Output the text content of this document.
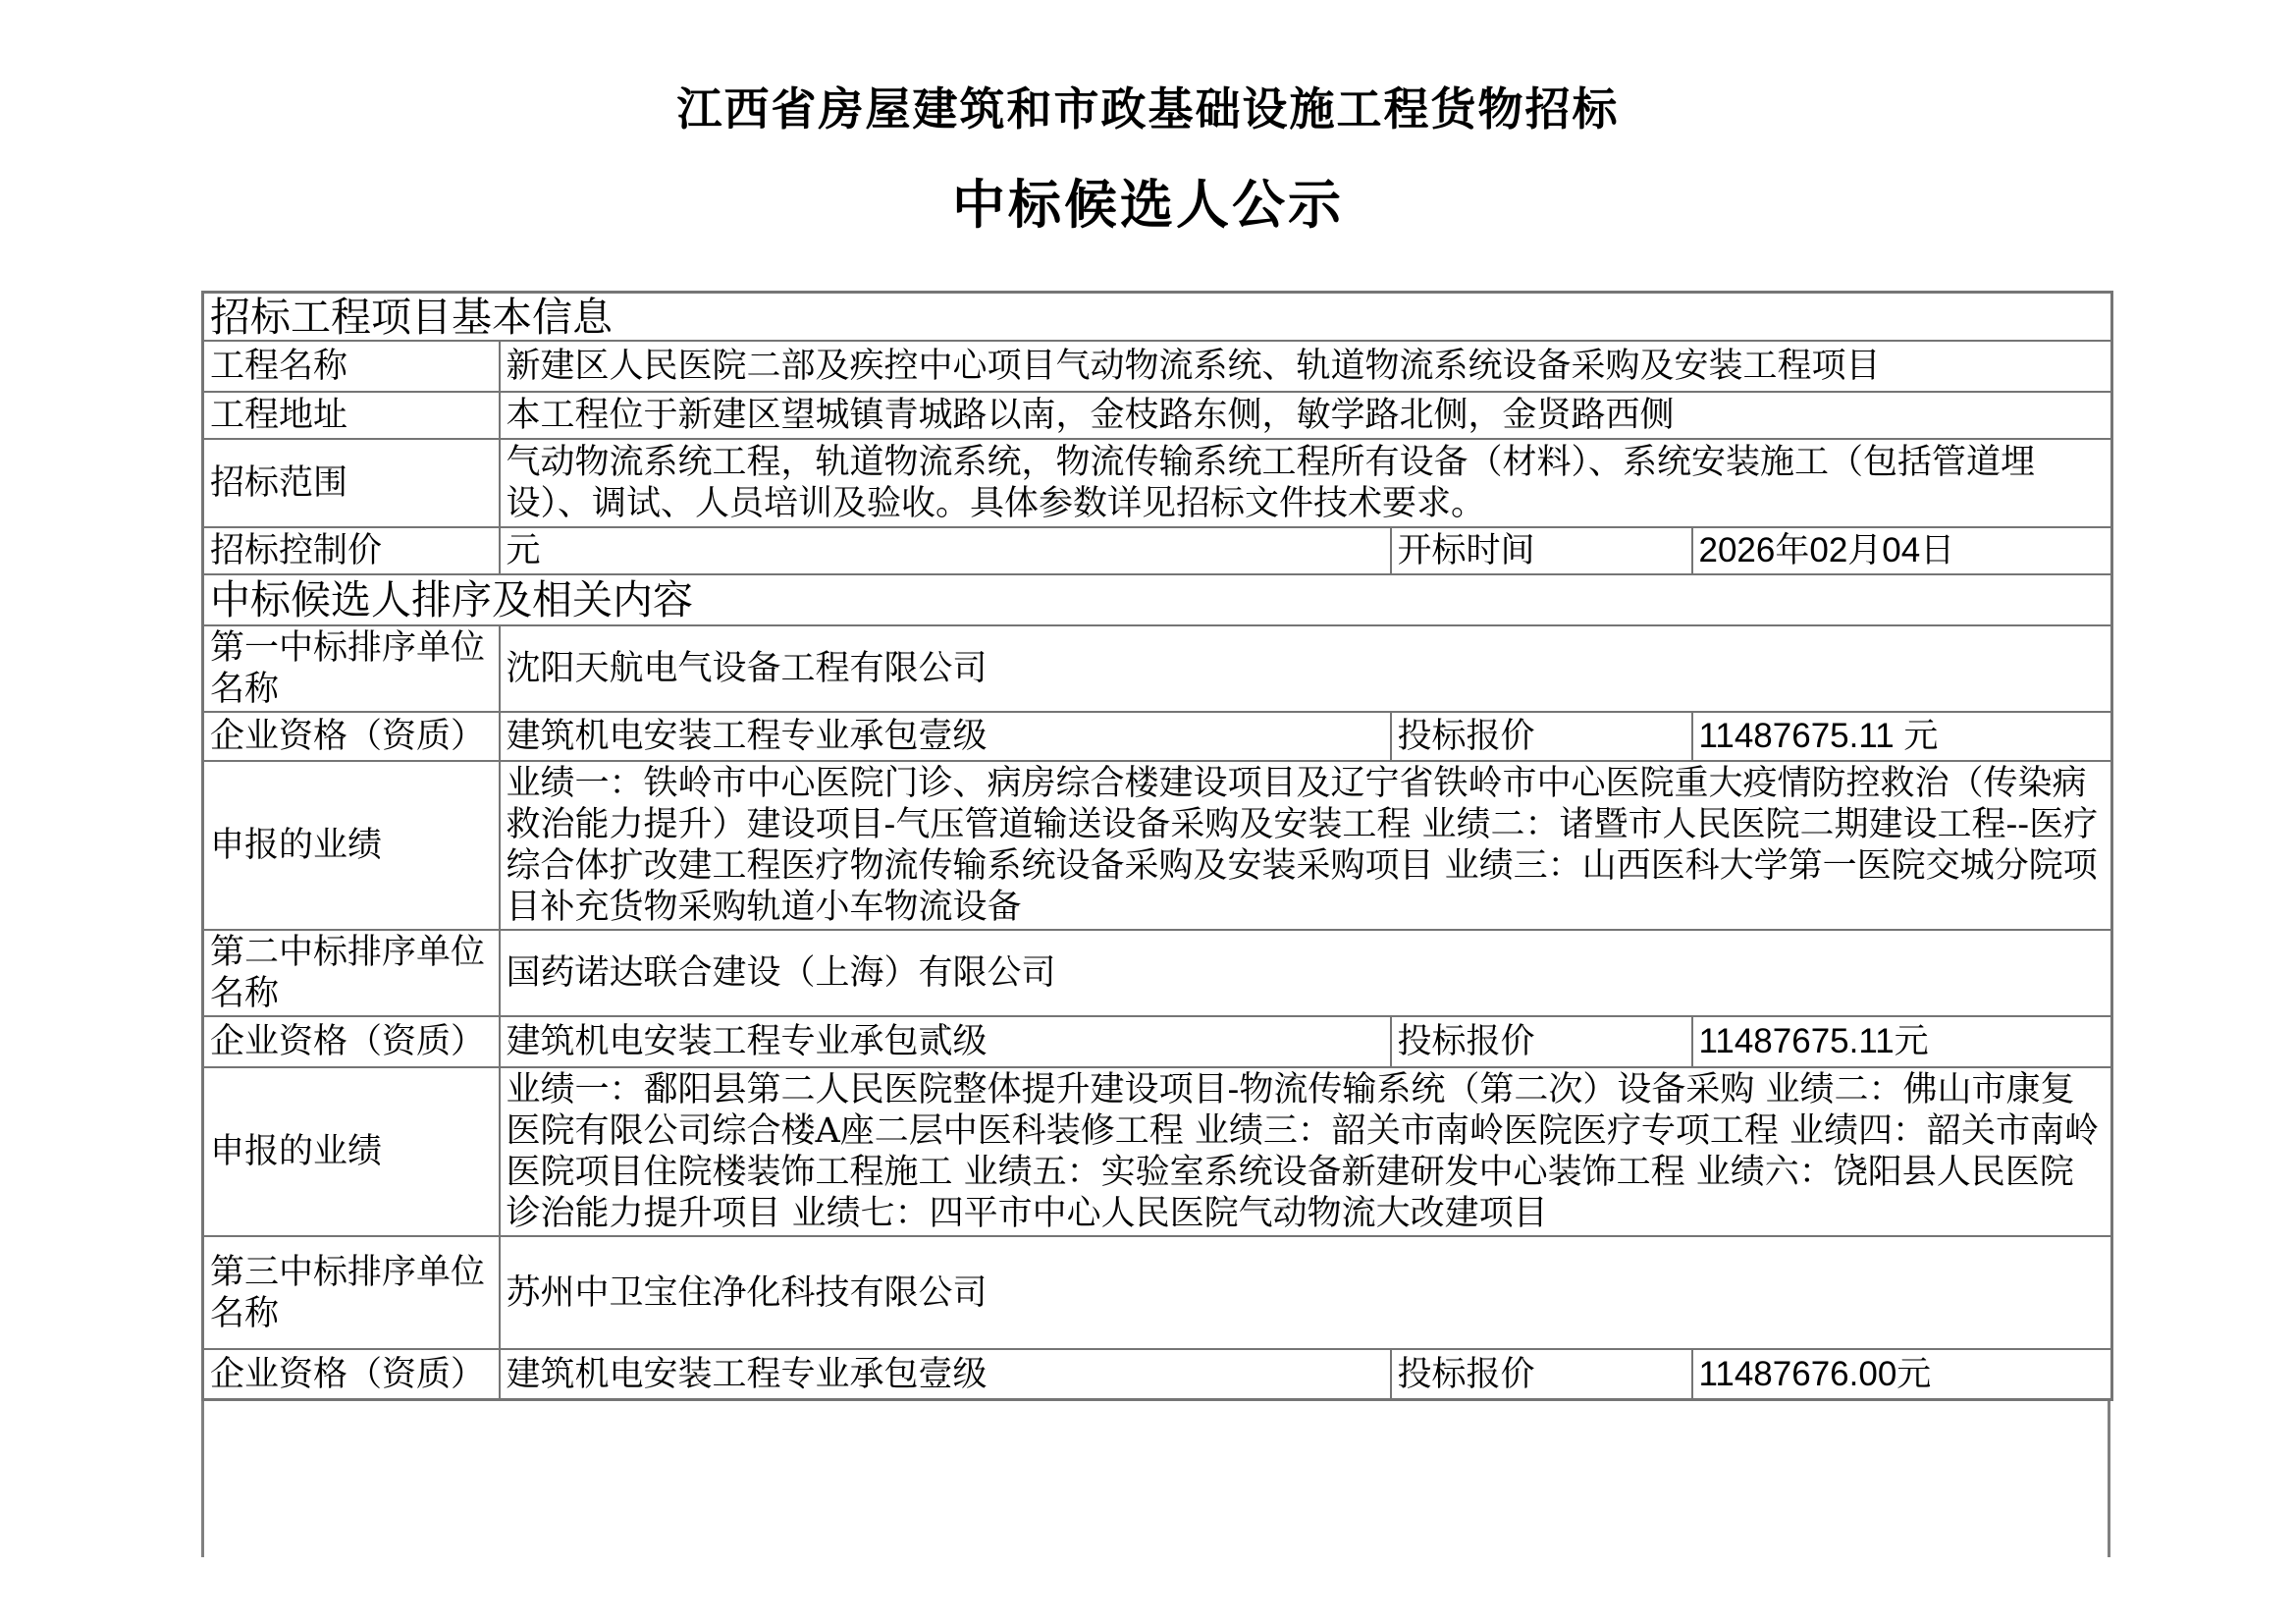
江西省房屋建筑和市政基础设施工程货物招标
中标候选人公示
招标工程项目基本信息			
工程名称	新建区人民医院二部及疾控中心项目气动物流系统、轨道物流系统设备采购及安装工程项目		
工程地址	本工程位于新建区望城镇青城路以南，金枝路东侧，敏学路北侧，金贤路西侧		
招标范围	气动物流系统工程，轨道物流系统，物流传输系统工程所有设备（材料）、系统安装施工（包括管道埋设）、调试、人员培训及验收。具体参数详见招标文件技术要求。		
招标控制价	元	开标时间	2026年02月04日
中标候选人排序及相关内容			
第一中标排序单位名称	沈阳天航电气设备工程有限公司		
企业资格（资质）	建筑机电安装工程专业承包壹级	投标报价	11487675.11 元
申报的业绩	业绩一：铁岭市中心医院门诊、病房综合楼建设项目及辽宁省铁岭市中心医院重大疫情防控救治（传染病救治能力提升）建设项目-气压管道输送设备采购及安装工程 业绩二：诸暨市人民医院二期建设工程--医疗综合体扩改建工程医疗物流传输系统设备采购及安装采购项目 业绩三：山西医科大学第一医院交城分院项目补充货物采购轨道小车物流设备		
第二中标排序单位名称	国药诺达联合建设（上海）有限公司		
企业资格（资质）	建筑机电安装工程专业承包贰级	投标报价	11487675.11元
申报的业绩	业绩一：鄱阳县第二人民医院整体提升建设项目-物流传输系统（第二次）设备采购 业绩二：佛山市康复医院有限公司综合楼A座二层中医科装修工程 业绩三：韶关市南岭医院医疗专项工程 业绩四：韶关市南岭医院项目住院楼装饰工程施工 业绩五：实验室系统设备新建研发中心装饰工程 业绩六：饶阳县人民医院诊治能力提升项目 业绩七：四平市中心人民医院气动物流大改建项目		
第三中标排序单位名称	苏州中卫宝住净化科技有限公司		
企业资格（资质）	建筑机电安装工程专业承包壹级	投标报价	11487676.00元
